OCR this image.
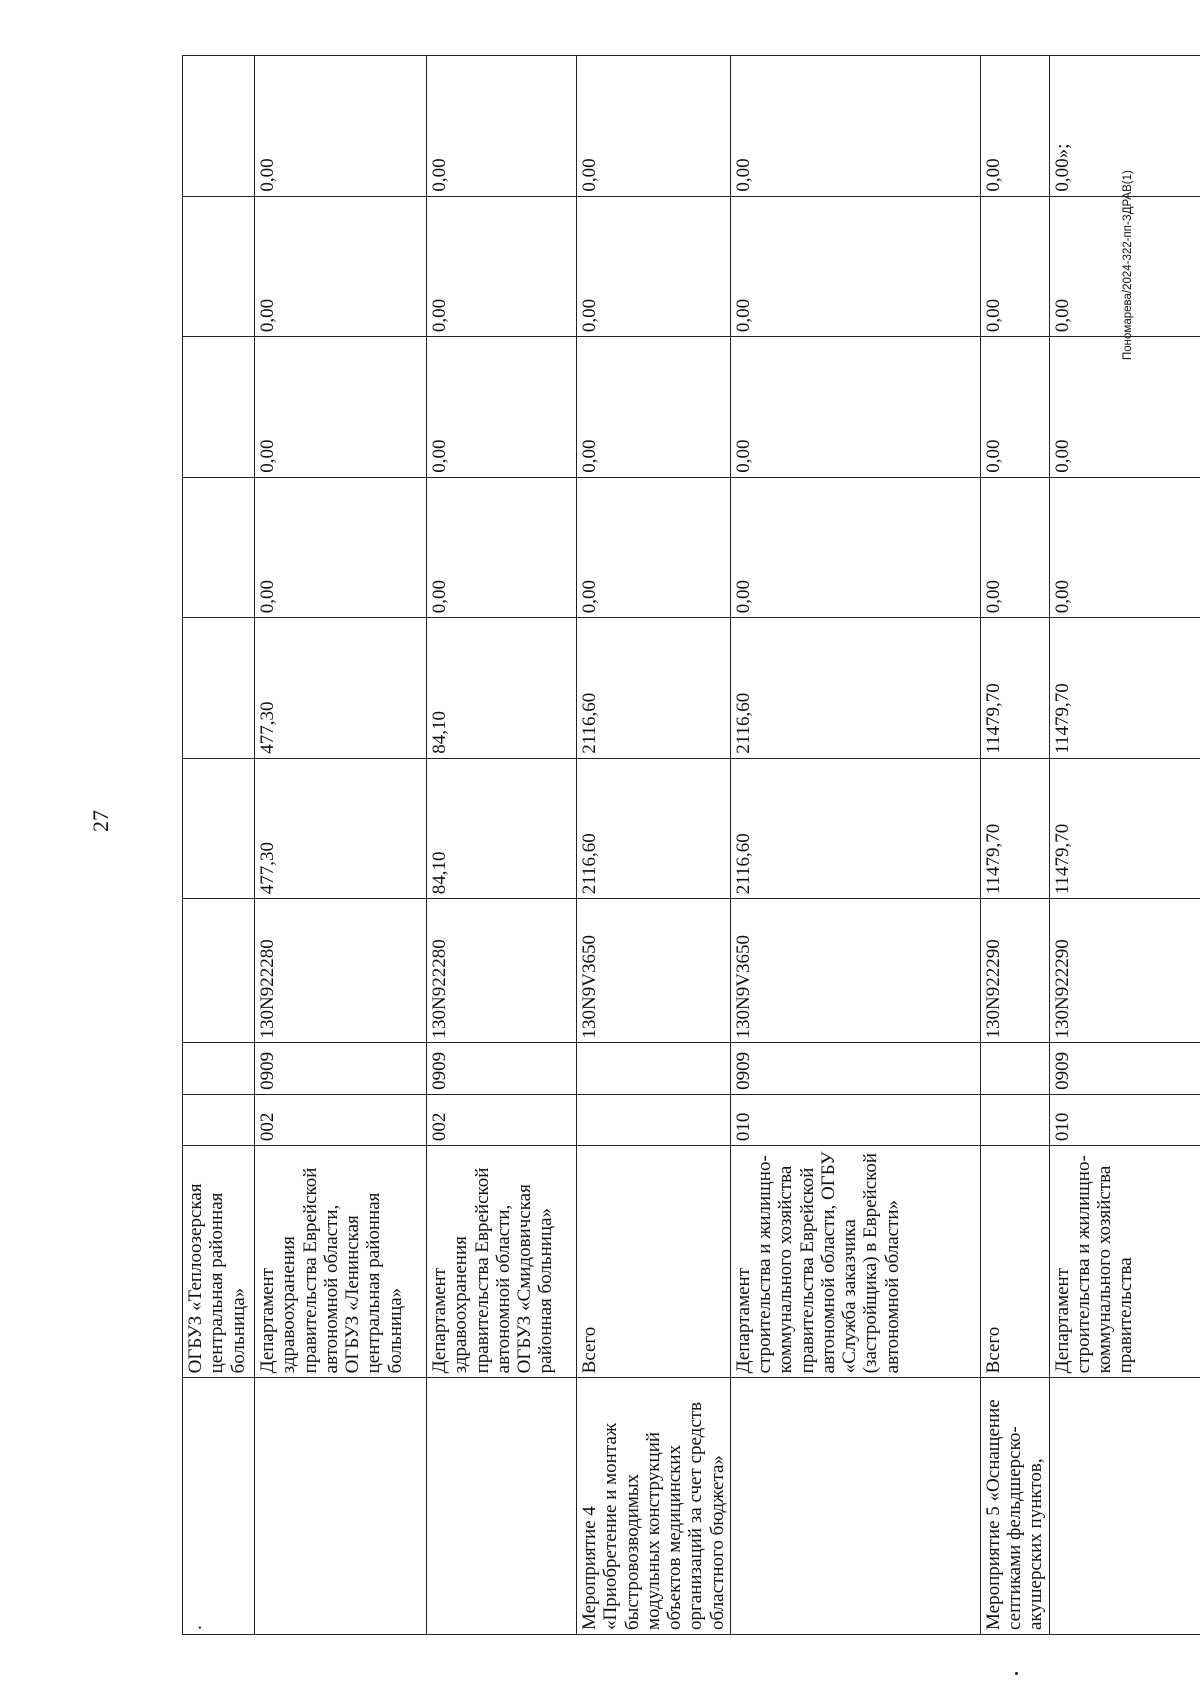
27
Пономарева/2024-322-пп-ЗДРАВ(1)
.	ОГБУЗ «Теплоозерская центральная районная больница»									
	Департамент здравоохранения правительства Еврейской автономной области, ОГБУЗ «Ленинская центральная районная больница»	002	0909	130N922280	477,30	477,30	0,00	0,00	0,00	0,00
	Департамент здравоохранения правительства Еврейской автономной области, ОГБУЗ «Смидовичская районная больница»	002	0909	130N922280	84,10	84,10	0,00	0,00	0,00	0,00
Мероприятие 4 «Приобретение и монтаж быстровозводимых модульных конструкций объектов медицинских организаций за счет средств областного бюджета»	Всего			130N9V3650	2116,60	2116,60	0,00	0,00	0,00	0,00
	Департамент строительства и жилищно-коммунального хозяйства правительства Еврейской автономной области, ОГБУ «Служба заказчика (застройщика) в Еврейской автономной области»	010	0909	130N9V3650	2116,60	2116,60	0,00	0,00	0,00	0,00
Мероприятие 5 «Оснащение септиками фельдшерско-акушерских пунктов,	Всего			130N922290	11479,70	11479,70	0,00	0,00	0,00	0,00
	Департамент строительства и жилищно-коммунального хозяйства правительства	010	0909	130N922290	11479,70	11479,70	0,00	0,00	0,00	0,00»;
